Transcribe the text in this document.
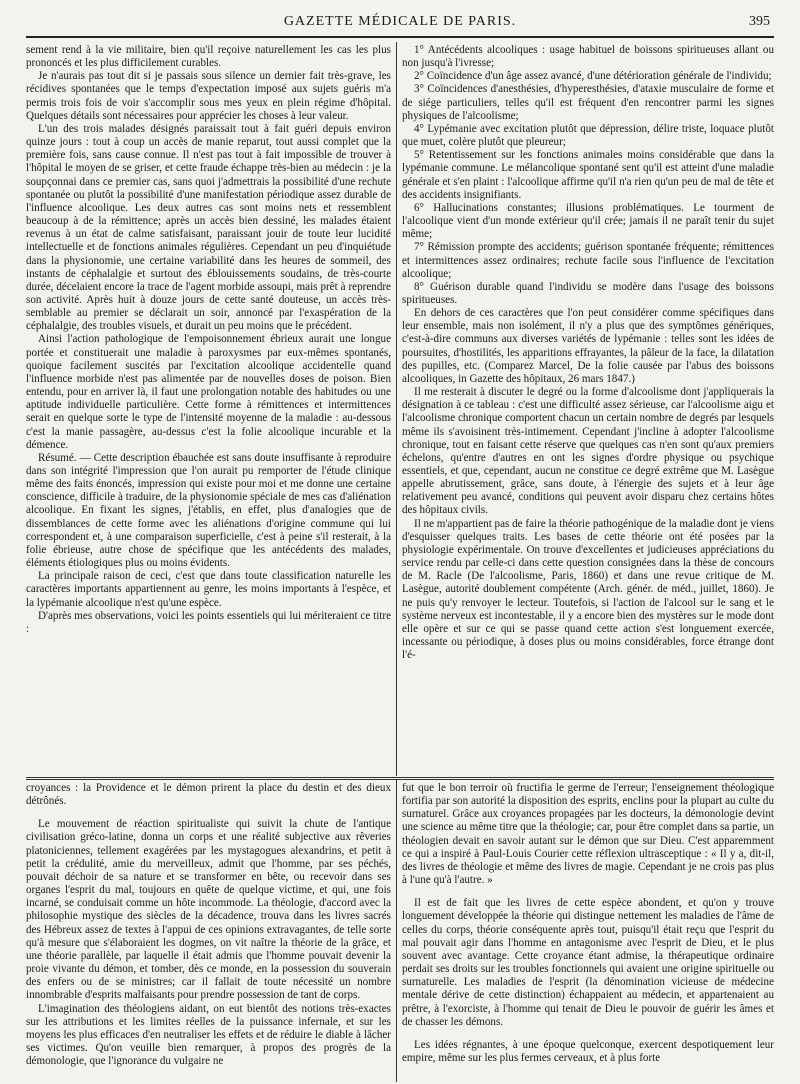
GAZETTE MÉDICALE DE PARIS.	395

sement rend à la vie militaire, bien qu'il reçoive naturellement les cas les plus prononcés et les plus difficilement curables.

Je n'aurais pas tout dit si je passais sous silence un dernier fait très-grave, les récidives spontanées que le temps d'expectation imposé aux sujets guéris m'a permis trois fois de voir s'accomplir sous mes yeux en plein régime d'hôpital. Quelques détails sont nécessaires pour apprécier les choses à leur valeur.

L'un des trois malades désignés paraissait tout à fait guéri depuis environ quinze jours : tout à coup un accès de manie reparut, tout aussi complet que la première fois, sans cause connue. Il n'est pas tout à fait impossible de trouver à l'hôpital le moyen de se griser, et cette fraude échappe très-bien au médecin : je la soupçonnai dans ce premier cas, sans quoi j'admettrais la possibilité d'une rechute spontanée ou plutôt la possibilité d'une manifestation périodique assez durable de l'influence alcoolique. Les deux autres cas sont moins nets et ressemblent beaucoup à de la rémittence; après un accès bien dessiné, les malades étaient revenus à un état de calme satisfaisant, paraissant jouir de toute leur lucidité intellectuelle et de fonctions animales régulières. Cependant un peu d'inquiétude dans la physionomie, une certaine variabilité dans les heures de sommeil, des instants de céphalalgie et surtout des éblouissements soudains, de très-courte durée, décelaient encore la trace de l'agent morbide assoupi, mais prêt à reprendre son activité. Après huit à douze jours de cette santé douteuse, un accès très-semblable au premier se déclarait un soir, annoncé par l'exaspération de la céphalalgie, des troubles visuels, et durait un peu moins que le précédent.

Ainsi l'action pathologique de l'empoisonnement ébrieux aurait une longue portée et constituerait une maladie à paroxysmes par eux-mêmes spontanés, quoique facilement suscités par l'excitation alcoolique accidentelle quand l'influence morbide n'est pas alimentée par de nouvelles doses de poison. Bien entendu, pour en arriver là, il faut une prolongation notable des habitudes ou une aptitude individuelle particulière. Cette forme à rémittences et intermittences serait en quelque sorte le type de l'intensité moyenne de la maladie : au-dessous c'est la manie passagère, au-dessus c'est la folie alcoolique incurable et la démence.

Résumé. — Cette description ébauchée est sans doute insuffisante à reproduire dans son intégrité l'impression que l'on aurait pu remporter de l'étude clinique même des faits énoncés, impression qui existe pour moi et me donne une certaine conscience, difficile à traduire, de la physionomie spéciale de mes cas d'aliénation alcoolique. En fixant les signes, j'établis, en effet, plus d'analogies que de dissemblances de cette forme avec les aliénations d'origine commune qui lui correspondent et, à une comparaison superficielle, c'est à peine s'il resterait, à la folie ébrieuse, autre chose de spécifique que les antécédents des malades, éléments étiologiques plus ou moins évidents.

La principale raison de ceci, c'est que dans toute classification naturelle les caractères importants appartiennent au genre, les moins importants à l'espèce, et la lypémanie alcoolique n'est qu'une espèce.

D'après mes observations, voici les points essentiels qui lui mériteraient ce titre :

1° Antécédents alcooliques : usage habituel de boissons spiritueuses allant ou non jusqu'à l'ivresse;

2° Coïncidence d'un âge assez avancé, d'une détérioration générale de l'individu;

3° Coïncidences d'anesthésies, d'hyperesthésies, d'ataxie musculaire de forme et de siége particuliers, telles qu'il est fréquent d'en rencontrer parmi les signes physiques de l'alcoolisme;

4° Lypémanie avec excitation plutôt que dépression, délire triste, loquace plutôt que muet, colère plutôt que pleureur;

5° Retentissement sur les fonctions animales moins considérable que dans la lypémanie commune. Le mélancolique spontané sent qu'il est atteint d'une maladie générale et s'en plaint : l'alcoolique affirme qu'il n'a rien qu'un peu de mal de tête et des accidents insignifiants.

6° Hallucinations constantes; illusions problématiques. Le tourment de l'alcoolique vient d'un monde extérieur qu'il crée; jamais il ne paraît tenir du sujet même;

7° Rémission prompte des accidents; guérison spontanée fréquente; rémittences et intermittences assez ordinaires; rechute facile sous l'influence de l'excitation alcoolique;

8° Guérison durable quand l'individu se modère dans l'usage des boissons spiritueuses.

En dehors de ces caractères que l'on peut considérer comme spécifiques dans leur ensemble, mais non isolément, il n'y a plus que des symptômes génériques, c'est-à-dire communs aux diverses variétés de lypémanie : telles sont les idées de poursuites, d'hostilités, les apparitions effrayantes, la pâleur de la face, la dilatation des pupilles, etc. (Comparez Marcel, De la folie causée par l'abus des boissons alcooliques, in Gazette des hôpitaux, 26 mars 1847.)

Il me resterait à discuter le degré ou la forme d'alcoolisme dont j'appliquerais la désignation à ce tableau : c'est une difficulté assez sérieuse, car l'alcoolisme aigu et l'alcoolisme chronique comportent chacun un certain nombre de degrés par lesquels même ils s'avoisinent très-intimement. Cependant j'incline à adopter l'alcoolisme chronique, tout en faisant cette réserve que quelques cas n'en sont qu'aux premiers échelons, qu'entre d'autres en ont les signes d'ordre physique ou psychique essentiels, et que, cependant, aucun ne constitue ce degré extrême que M. Lasègue appelle abrutissement, grâce, sans doute, à l'énergie des sujets et à leur âge relativement peu avancé, conditions qui peuvent avoir disparu chez certains hôtes des hôpitaux civils.

Il ne m'appartient pas de faire la théorie pathogénique de la maladie dont je viens d'esquisser quelques traits. Les bases de cette théorie ont été posées par la physiologie expérimentale. On trouve d'excellentes et judicieuses appréciations du service rendu par celle-ci dans cette question consignées dans la thèse de concours de M. Racle (De l'alcoolisme, Paris, 1860) et dans une revue critique de M. Lasègue, autorité doublement compétente (Arch. génér. de méd., juillet, 1860). Je ne puis qu'y renvoyer le lecteur. Toutefois, si l'action de l'alcool sur le sang et le système nerveux est incontestable, il y a encore bien des mystères sur le mode dont elle opère et sur ce qui se passe quand cette action s'est longuement exercée, incessante ou périodique, à doses plus ou moins considérables, force étrange dont l'é-

croyances : la Providence et le démon prirent la place du destin et des dieux détrônés.

Le mouvement de réaction spiritualiste qui suivit la chute de l'antique civilisation gréco-latine, donna un corps et une réalité subjective aux rêveries platoniciennes, tellement exagérées par les mystagogues alexandrins, et petit à petit la crédulité, amie du merveilleux, admit que l'homme, par ses péchés, pouvait déchoir de sa nature et se transformer en bête, ou recevoir dans ses organes l'esprit du mal, toujours en quête de quelque victime, et qui, une fois incarné, se conduisait comme un hôte incommode. La théologie, d'accord avec la philosophie mystique des siècles de la décadence, trouva dans les livres sacrés des Hébreux assez de textes à l'appui de ces opinions extravagantes, de telle sorte qu'à mesure que s'élaboraient les dogmes, on vit naître la théorie de la grâce, et une théorie parallèle, par laquelle il était admis que l'homme pouvait devenir la proie vivante du démon, et tomber, dès ce monde, en la possession du souverain des enfers ou de se ministres; car il fallait de toute nécessité un nombre innombrable d'esprits malfaisants pour prendre possession de tant de corps.

L'imagination des théologiens aidant, on eut bientôt des notions très-exactes sur les attributions et les limites réelles de la puissance infernale, et sur les moyens les plus efficaces d'en neutraliser les effets et de réduire le diable à lâcher ses victimes. Qu'on veuille bien remarquer, à propos des progrès de la démonologie, que l'ignorance du vulgaire ne

fut que le bon terroir où fructifia le germe de l'erreur; l'enseignement théologique fortifia par son autorité la disposition des esprits, enclins pour la plupart au culte du surnaturel. Grâce aux croyances propagées par les docteurs, la démonologie devint une science au même titre que la théologie; car, pour être complet dans sa partie, un théologien devait en savoir autant sur le démon que sur Dieu. C'est apparemment ce qui a inspiré à Paul-Louis Courier cette réflexion ultrasceptique : « Il y a, dit-il, des livres de théologie et même des livres de magie. Cependant je ne crois pas plus à l'une qu'à l'autre. »

Il est de fait que les livres de cette espèce abondent, et qu'on y trouve longuement développée la théorie qui distingue nettement les maladies de l'âme de celles du corps, théorie conséquente après tout, puisqu'il était reçu que l'esprit du mal pouvait agir dans l'homme en antagonisme avec l'esprit de Dieu, et le plus souvent avec avantage. Cette croyance étant admise, la thérapeutique ordinaire perdait ses droits sur les troubles fonctionnels qui avaient une origine spirituelle ou surnaturelle. Les maladies de l'esprit (la dénomination vicieuse de médecine mentale dérive de cette distinction) échappaient au médecin, et appartenaient au prêtre, à l'exorciste, à l'homme qui tenait de Dieu le pouvoir de guérir les âmes et de chasser les démons.

Les idées régnantes, à une époque quelconque, exercent despotiquement leur empire, même sur les plus fermes cerveaux, et à plus forte
